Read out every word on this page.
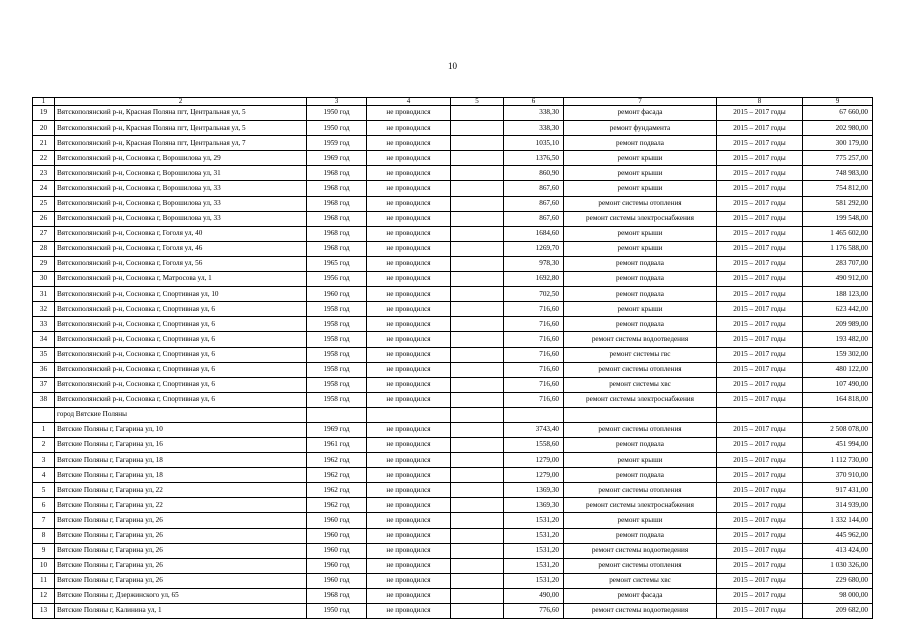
10
1	2	3	4	5	6	7	8	9
19	Вятскополянский р-н, Красная Поляна пгт, Центральная ул, 5	1950 год	не проводился		338,30	ремонт фасада	2015 – 2017 годы	67 660,00
20	Вятскополянский р-н, Красная Поляна пгт, Центральная ул, 5	1950 год	не проводился		338,30	ремонт фундамента	2015 – 2017 годы	202 980,00
21	Вятскополянский р-н, Красная Поляна пгт, Центральная ул, 7	1959 год	не проводился		1035,10	ремонт подвала	2015 – 2017 годы	300 179,00
22	Вятскополянский р-н, Сосновка г, Ворошилова ул, 29	1969 год	не проводился		1376,50	ремонт крыши	2015 – 2017 годы	775 257,00
23	Вятскополянский р-н, Сосновка г, Ворошилова ул, 31	1968 год	не проводился		860,90	ремонт крыши	2015 – 2017 годы	748 983,00
24	Вятскополянский р-н, Сосновка г, Ворошилова ул, 33	1968 год	не проводился		867,60	ремонт крыши	2015 – 2017 годы	754 812,00
25	Вятскополянский р-н, Сосновка г, Ворошилова ул, 33	1968 год	не проводился		867,60	ремонт системы отопления	2015 – 2017 годы	581 292,00
26	Вятскополянский р-н, Сосновка г, Ворошилова ул, 33	1968 год	не проводился		867,60	ремонт системы электроснабжения	2015 – 2017 годы	199 548,00
27	Вятскополянский р-н, Сосновка г, Гоголя ул, 40	1968 год	не проводился		1684,60	ремонт крыши	2015 – 2017 годы	1 465 602,00
28	Вятскополянский р-н, Сосновка г, Гоголя ул, 46	1968 год	не проводился		1269,70	ремонт крыши	2015 – 2017 годы	1 176 588,00
29	Вятскополянский р-н, Сосновка г, Гоголя ул, 56	1965 год	не проводился		978,30	ремонт подвала	2015 – 2017 годы	283 707,00
30	Вятскополянский р-н, Сосновка г, Матросова ул, 1	1956 год	не проводился		1692,80	ремонт подвала	2015 – 2017 годы	490 912,00
31	Вятскополянский р-н, Сосновка г, Спортивная ул, 10	1960 год	не проводился		702,50	ремонт подвала	2015 – 2017 годы	188 123,00
32	Вятскополянский р-н, Сосновка г, Спортивная ул, 6	1958 год	не проводился		716,60	ремонт крыши	2015 – 2017 годы	623 442,00
33	Вятскополянский р-н, Сосновка г, Спортивная ул, 6	1958 год	не проводился		716,60	ремонт подвала	2015 – 2017 годы	209 989,00
34	Вятскополянский р-н, Сосновка г, Спортивная ул, 6	1958 год	не проводился		716,60	ремонт системы водоотведения	2015 – 2017 годы	193 482,00
35	Вятскополянский р-н, Сосновка г, Спортивная ул, 6	1958 год	не проводился		716,60	ремонт системы гвс	2015 – 2017 годы	159 302,00
36	Вятскополянский р-н, Сосновка г, Спортивная ул, 6	1958 год	не проводился		716,60	ремонт системы отопления	2015 – 2017 годы	480 122,00
37	Вятскополянский р-н, Сосновка г, Спортивная ул, 6	1958 год	не проводился		716,60	ремонт системы хвс	2015 – 2017 годы	107 490,00
38	Вятскополянский р-н, Сосновка г, Спортивная ул, 6	1958 год	не проводился		716,60	ремонт системы электроснабжения	2015 – 2017 годы	164 818,00
	город Вятские Поляны							
1	Вятские Поляны г, Гагарина ул, 10	1969 год	не проводился		3743,40	ремонт системы отопления	2015 – 2017 годы	2 508 078,00
2	Вятские Поляны г, Гагарина ул, 16	1961 год	не проводился		1558,60	ремонт подвала	2015 – 2017 годы	451 994,00
3	Вятские Поляны г, Гагарина ул, 18	1962 год	не проводился		1279,00	ремонт крыши	2015 – 2017 годы	1 112 730,00
4	Вятские Поляны г, Гагарина ул, 18	1962 год	не проводился		1279,00	ремонт подвала	2015 – 2017 годы	370 910,00
5	Вятские Поляны г, Гагарина ул, 22	1962 год	не проводился		1369,30	ремонт системы отопления	2015 – 2017 годы	917 431,00
6	Вятские Поляны г, Гагарина ул, 22	1962 год	не проводился		1369,30	ремонт системы электроснабжения	2015 – 2017 годы	314 939,00
7	Вятские Поляны г, Гагарина ул, 26	1960 год	не проводился		1531,20	ремонт крыши	2015 – 2017 годы	1 332 144,00
8	Вятские Поляны г, Гагарина ул, 26	1960 год	не проводился		1531,20	ремонт подвала	2015 – 2017 годы	445 962,00
9	Вятские Поляны г, Гагарина ул, 26	1960 год	не проводился		1531,20	ремонт системы водоотведения	2015 – 2017 годы	413 424,00
10	Вятские Поляны г, Гагарина ул, 26	1960 год	не проводился		1531,20	ремонт системы отопления	2015 – 2017 годы	1 030 326,00
11	Вятские Поляны г, Гагарина ул, 26	1960 год	не проводился		1531,20	ремонт системы хвс	2015 – 2017 годы	229 680,00
12	Вятские Поляны г, Дзержинского ул, 65	1968 год	не проводился		490,00	ремонт фасада	2015 – 2017 годы	98 000,00
13	Вятские Поляны г, Калинина ул, 1	1950 год	не проводился		776,60	ремонт системы водоотведения	2015 – 2017 годы	209 682,00
